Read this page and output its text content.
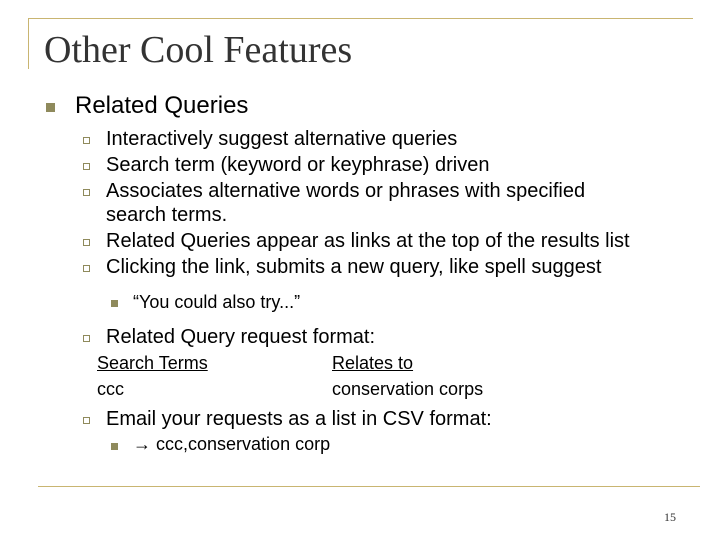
Other Cool Features
Related Queries
Interactively suggest alternative queries
Search term (keyword or keyphrase) driven
Associates alternative words or phrases with specified
search terms.
Related Queries appear as links at the top of the results list
Clicking the link, submits a new query, like spell suggest
“You could also try...”
Related Query request format:
Search Terms	Relates to
ccc	conservation corps
Email your requests as a list in CSV format:
→ ccc,conservation corp
15
